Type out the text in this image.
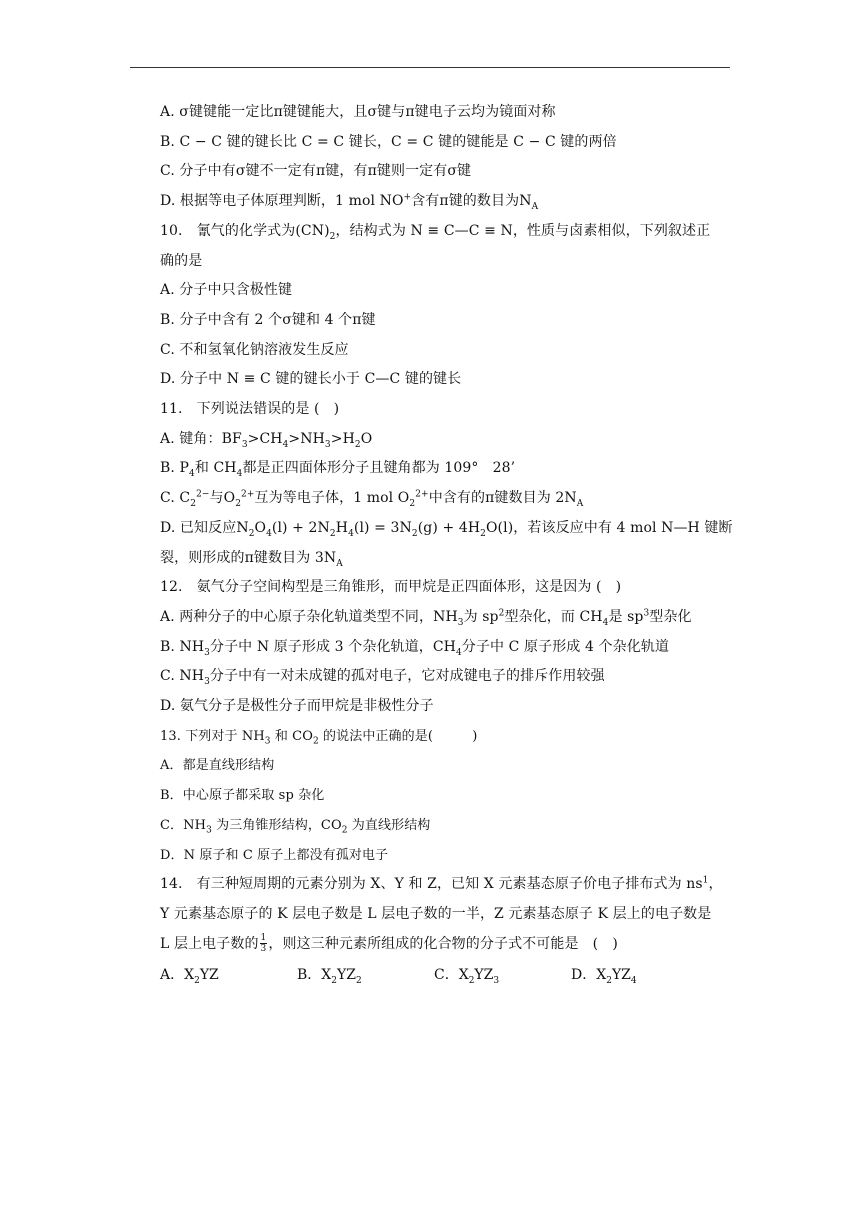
A. σ键键能一定比π键键能大，且σ键与π键电子云均为镜面对称
B. C − C 键的键长比 C = C 键长，C = C 键的键能是 C − C 键的两倍
C. 分子中有σ键不一定有π键，有π键则一定有σ键
D. 根据等电子体原理判断，1 mol NO+含有π键的数目为$N_A$
10.　氰气的化学式为$(CN)_2$，结构式为 N ≡ C—C ≡ N，性质与卤素相似，下列叙述正
确的是
A. 分子中只含极性键
B. 分子中含有 2 个σ键和 4 个π键
C. 不和氢氧化钠溶液发生反应
D. 分子中 N ≡ C 键的键长小于 C—C 键的键长
11.　下列说法错误的是 (　)
A. 键角：$BF_3>CH_4>NH_3>H_2O$
B. $P_4$和 $CH_4$都是正四面体形分子且键角都为 109°　28’
C. $C_2^{2-}$与$O_2^{2+}$互为等电子体，1 mol $O_2^{2+}$中含有的π键数目为 $2N_A$
D. 已知反应$N_2O_4(l) + 2N_2H_4(l) = 3N_2(g) + 4H_2O(l)$，若该反应中有 4 mol N—H 键断
裂，则形成的π键数目为 $3N_A$
12.　氨气分子空间构型是三角锥形，而甲烷是正四面体形，这是因为 (　)
A. 两种分子的中心原子杂化轨道类型不同，$NH_3$为 $sp^2$型杂化，而 $CH_4$是 $sp^3$型杂化
B. $NH_3$分子中 N 原子形成 3 个杂化轨道，$CH_4$分子中 C 原子形成 4 个杂化轨道
C. $NH_3$分子中有一对未成键的孤对电子，它对成键电子的排斥作用较强
D. 氨气分子是极性分子而甲烷是非极性分子
13. 下列对于 $NH_3$ 和 $CO_2$ 的说法中正确的是(　　　)
A．都是直线形结构
B．中心原子都采取 sp 杂化
C．$NH_3$ 为三角锥形结构，$CO_2$ 为直线形结构
D．N 原子和 C 原子上都没有孤对电子
14.　有三种短周期的元素分别为 X、Y 和 Z，已知 X 元素基态原子价电子排布式为 $ns^1$，
Y 元素基态原子的 K 层电子数是 L 层电子数的一半，Z 元素基态原子 K 层上的电子数是
L 层上电子数的 $\frac{1}{3}$ ，则这三种元素所组成的化合物的分子式不可能是　(　)
A．$X_2YZ$	B．$X_2YZ_2$	C．$X_2YZ_3$	D．$X_2YZ_4$
